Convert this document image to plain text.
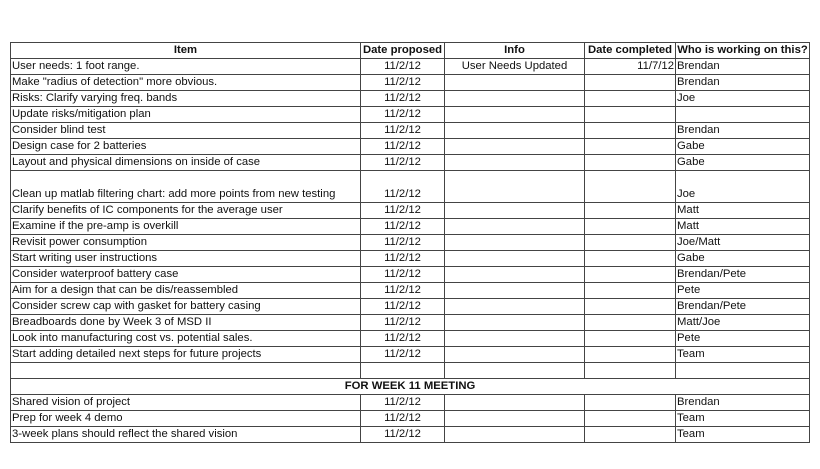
Item	Date proposed	Info	Date completed	Who is working on this?
User needs: 1 foot range.	11/2/12	User Needs Updated	11/7/12	Brendan
Make "radius of detection" more obvious.	11/2/12			Brendan
Risks: Clarify varying freq. bands	11/2/12			Joe
Update risks/mitigation plan	11/2/12			
Consider blind test	11/2/12			Brendan
Design case for 2 batteries	11/2/12			Gabe
Layout and physical dimensions on inside of case	11/2/12			Gabe
Clean up matlab filtering chart: add more points from new testing	11/2/12			Joe
Clarify benefits of IC components for the average user	11/2/12			Matt
Examine if the pre-amp is overkill	11/2/12			Matt
Revisit power consumption	11/2/12			Joe/Matt
Start writing user instructions	11/2/12			Gabe
Consider waterproof battery case	11/2/12			Brendan/Pete
Aim for a design that can be dis/reassembled	11/2/12			Pete
Consider screw cap with gasket for battery casing	11/2/12			Brendan/Pete
Breadboards done by Week 3 of MSD II	11/2/12			Matt/Joe
Look into manufacturing cost vs. potential sales.	11/2/12			Pete
Start adding detailed next steps for future projects	11/2/12			Team

FOR WEEK 11 MEETING				
Shared vision of project	11/2/12			Brendan
Prep for week 4 demo	11/2/12			Team
3-week plans should reflect the shared vision	11/2/12			Team
